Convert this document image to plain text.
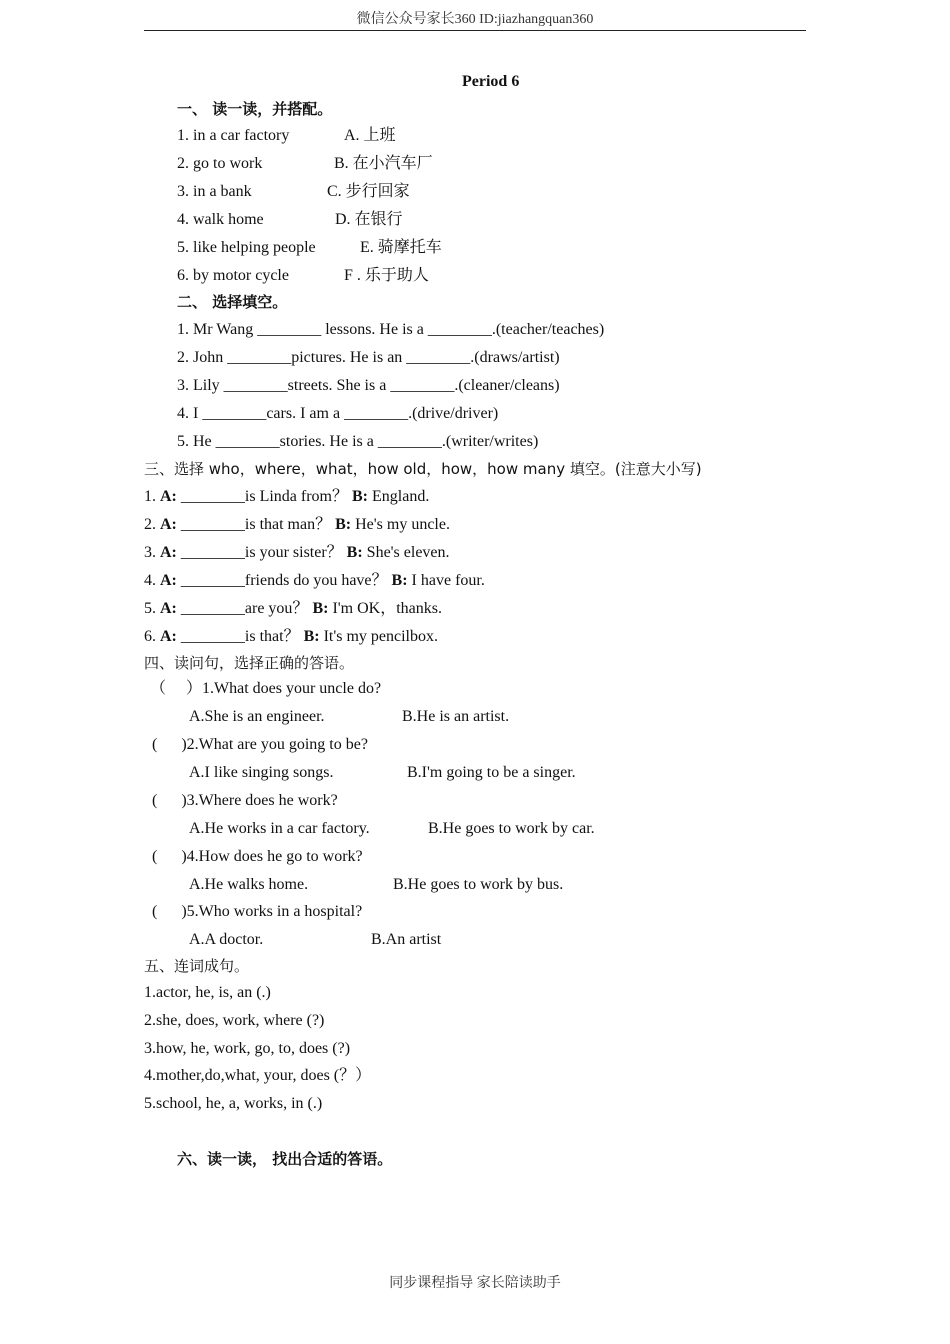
微信公众号家长360 ID:jiazhangquan360
Period 6
一、 读一读，并搭配。
1. in a car factory	A. 上班
2. go to work	B. 在小汽车厂
3. in a bank	C. 步行回家
4. walk home	D. 在银行
5. like helping people	E. 骑摩托车
6. by motor cycle	F . 乐于助人
二、 选择填空。
1. Mr Wang ________ lessons. He is a ________.(teacher/teaches)
2. John ________pictures. He is an ________.(draws/artist)
3. Lily ________streets. She is a ________.(cleaner/cleans)
4. I ________cars. I am a ________.(drive/driver)
5. He ________stories. He is a ________.(writer/writes)
三、选择 who，where，what，how old，how，how many 填空。(注意大小写)
1. A: ________is Linda from？ B: England.
2. A: ________is that man？ B: He's my uncle.
3. A: ________is your sister？ B: She's eleven.
4. A: ________friends do you have？ B: I have four.
5. A: ________are you？ B: I'm OK，thanks.
6. A: ________is that？ B: It's my pencilbox.
四、读问句，选择正确的答语。
（     ）1.What does your uncle do?
A.She is an engineer.	B.He is an artist.
(      )2.What are you going to be?
A.I like singing songs.	B.I'm going to be a singer.
(      )3.Where does he work?
A.He works in a car factory.	B.He goes to work by car.
(      )4.How does he go to work?
A.He walks home.	B.He goes to work by bus.
(      )5.Who works in a hospital?
A.A doctor.	B.An artist
五、连词成句。
1.actor, he, is, an (.)
2.she, does, work, where (?)
3.how, he, work, go, to, does (?)
4.mother,do,what, your, does (？）
5.school, he, a, works, in (.)
六、读一读， 找出合适的答语。
同步课程指导 家长陪读助手
